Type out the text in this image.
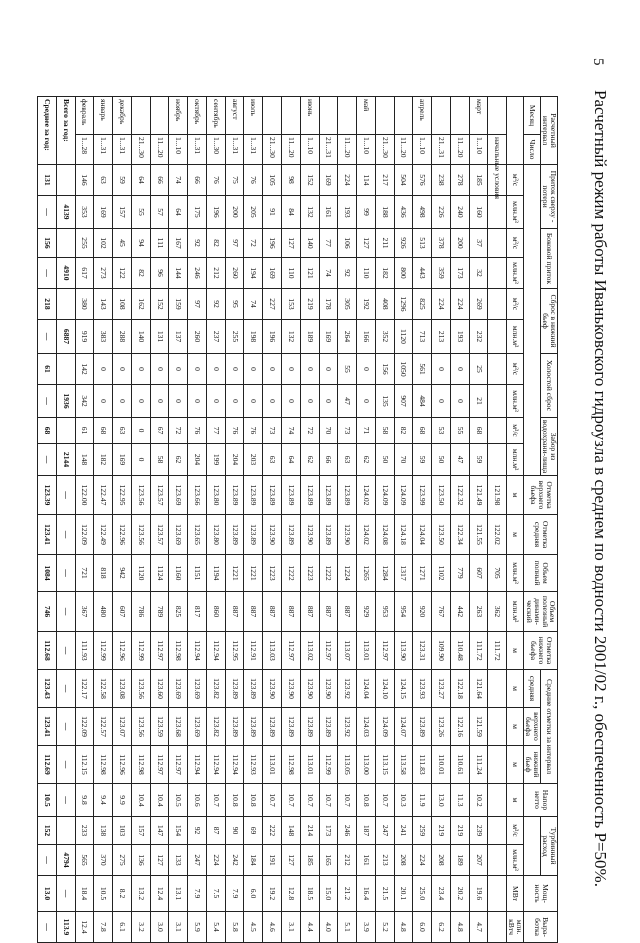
5
Расчетный режим работы Иваньковского гидроузла в среднем по водности 2001/02 г., обеспеченность Р=50%.
Расчетный интервал		Приток сверху - потери		Боковой приток		Сброс в нижний бьеф		Холостой сброс		Забор из водохрани-лища		Отметка верхнего бьефа	Отметка средняя	Объем полный	Объем полезный динами-ческий	Отметка нижнего бьефа	Средние отметки за интервал			Напор нетто	Турбинный расход		Мощ-ность	Выра-ботка
Месяц	Число																средняя	верхнего бьефа	нижний бьеф					
		м³/с	млн.м³	м³/с	млн.м³	м³/с	млн.м³	м³/с	млн.м³	м³/с	млн.м³	м	м	млн.м³	млн.м³	м	м	м	м	м	м³/с	млн.м³	МВт	млн. кВтч
	начальные условия											121.98	122.02	705	362	111.72								
март	1...10	185	160	37	32	269	232	25	21	68	59	121.49	121.55	607	263	111.72	121.64	121.59	111.24	10.2	239	207	19.6	4.7
	11...20	278	240	200	173	224	193	0	0	55	47	122.32	122.34	779	442	110.48	122.18	122.16	110.61	11.3	219	189	20.2	4.8
	21...31	238	226	378	359	224	213	0	0	53	50	123.50	123.50	1102	767	109.90	123.27	123.26	110.01	13.0	219	208	23.4	6.2
апрель	1...10	576	498	513	443	825	713	561	484	68	59	123.99	124.04	1271	920	123.31	123.93	123.89	111.83	11.9	259	224	25.0	6.0
	11...20	504	436	926	800	1296	1120	1050	907	82	70	124.09	124.18	1317	954	113.90	124.15	124.07	113.58	10.3	241	208	20.1	4.8
	21...30	217	188	211	182	408	352	156	135	58	50	124.09	124.08	1284	953	112.97	124.10	124.09	113.15	10.7	247	213	21.5	5.2
май	1...10	114	99	127	110	192	166	0	0	71	62	124.02	124.02	1265	929	113.01	124.04	124.03	113.00	10.8	187	161	16.4	3.9
	11...20	224	193	106	92	305	264	55	47	73	63	123.89	123.90	1224	887	113.07	123.92	123.92	113.05	10.7	246	212	21.2	5.1
	21...31	169	161	77	74	178	169	0	0	70	66	123.89	123.89	1222	887	112.97	123.90	123.89	112.99	10.7	173	165	15.0	4.0
июнь	1...10	152	132	140	121	219	189	0	0	72	62	123.89	123.90	1223	887	113.02	123.90	123.89	113.01	10.7	214	185	18.5	4.4
	11...20	98	84	127	110	153	132	0	0	74	64	123.89	123.89	1222	887	112.97	123.90	123.89	112.98	10.7	148	127	12.8	3.1
	21...30	105	91	196	169	227	196	0	0	73	63	123.89	123.90	1223	887	113.03	123.90	123.89	113.01	10.7	222	191	19.2	4.6
июль	1...31	76	205	72	194	74	198	0	0	76	203	123.89	123.89	1221	887	112.91	123.89	123.89	112.93	10.8	69	184	6.0	4.5
август	1...31	75	200	97	260	95	255	0	0	76	204	123.89	123.89	1221	887	112.95	123.89	123.89	112.94	10.8	90	242	7.9	5.8
сентябрь	1...30	76	196	82	212	92	237	0	0	77	199	123.80	123.80	1194	860	112.94	123.82	123.82	112.94	10.7	87	224	7.5	5.4
октябрь	1...31	66	175	92	246	97	260	0	0	76	204	123.66	123.65	1151	817	112.94	123.69	123.69	112.94	10.6	92	247	7.9	5.9
ноябрь	1...10	74	64	167	144	159	137	0	0	72	62	123.69	123.69	1160	825	112.98	123.69	123.68	112.97	10.5	154	133	13.1	3.1
	11...20	66	57	111	96	152	131	0	0	67	58	123.57	123.57	1124	789	112.97	123.60	123.59	112.97	10.4	147	127	12.4	3.0
	21...30	64	55	94	82	162	140	0	0	0	0	123.56	123.56	1120	786	112.99	123.56	123.56	112.98	10.4	157	136	13.2	3.2
декабрь	1...31	59	157	45	122	108	288	0	0	63	169	122.95	122.96	942	607	112.96	123.08	123.07	112.96	9.9	103	275	8.2	6.1
январь	1...31	63	169	102	273	143	383	0	0	68	182	122.47	122.49	818	480	112.99	122.58	122.57	112.98	9.4	138	370	10.5	7.8
февраль	1...28	146	353	255	617	380	919	142	342	61	148	122.00	122.09	721	367	111.93	122.17	122.09	112.15	9.8	233	565	18.4	12.4
Всего за год:			4139		4910		6887		1936		2144	—	—	—	—	—	—	—	—	—		4794	—	113.9
Среднее за год:		131	—	156	—	218	—	61	—	68	—	123.39	123.41	1084	746	112.68	123.43	123.41	112.69	10.5	152	—	13.0	—
